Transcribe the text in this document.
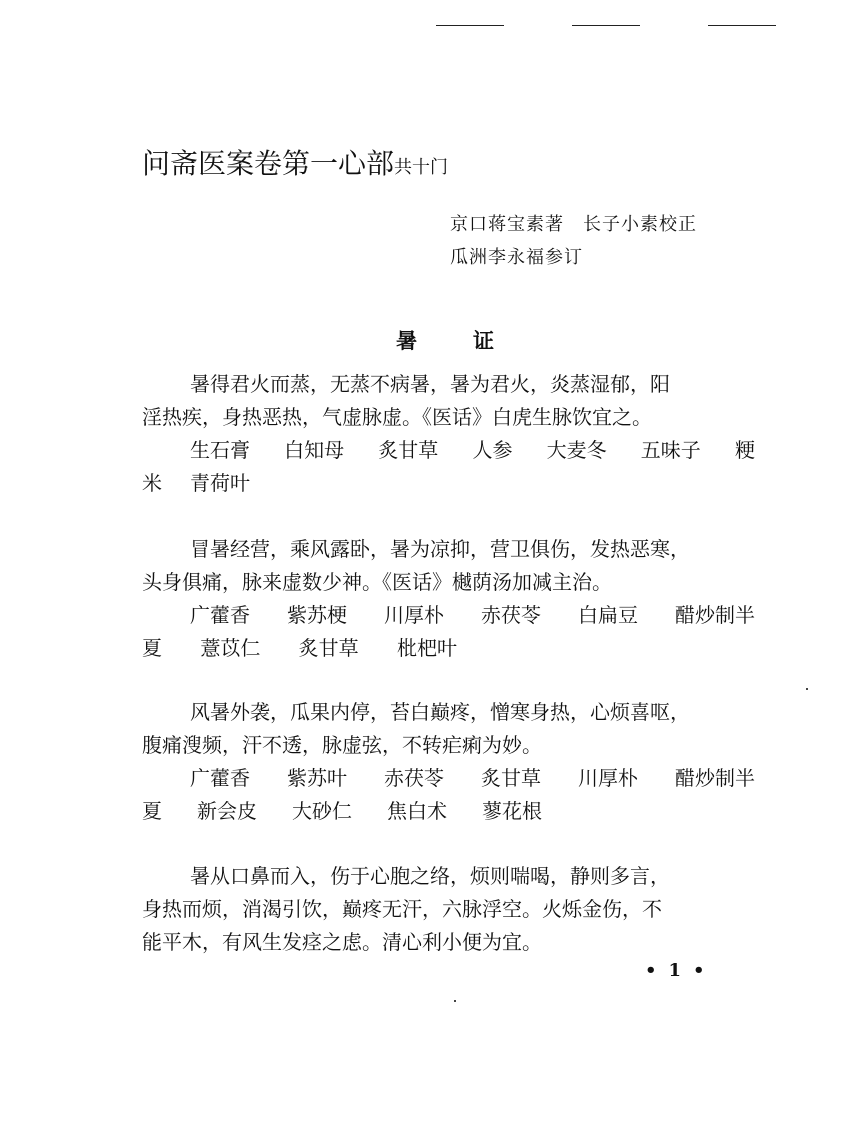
问斋医案卷第一心部共十门
京口蒋宝素著　长子小素校正
瓜洲李永福参订
暑证
暑得君火而蒸，无蒸不病暑，暑为君火，炎蒸湿郁，阳
淫热疾，身热恶热，气虚脉虚。《医话》白虎生脉饮宜之。
生石膏 白知母 炙甘草 人参 大麦冬 五味子 粳
米 青荷叶
冒暑经营，乘风露卧，暑为凉抑，营卫俱伤，发热恶寒，
头身俱痛，脉来虚数少神。《医话》樾荫汤加减主治。
广藿香 紫苏梗 川厚朴 赤茯苓 白扁豆 醋炒制半
夏 薏苡仁 炙甘草 枇杷叶
风暑外袭，瓜果内停，苔白巅疼，憎寒身热，心烦喜呕，
腹痛溲频，汗不透，脉虚弦，不转疟痢为妙。
广藿香 紫苏叶 赤茯苓 炙甘草 川厚朴 醋炒制半
夏 新会皮 大砂仁 焦白术 蓼花根
暑从口鼻而入，伤于心胞之络，烦则喘喝，静则多言，
身热而烦，消渴引饮，巅疼无汗，六脉浮空。火烁金伤，不
能平木，有风生发痉之虑。清心利小便为宜。
•1•
